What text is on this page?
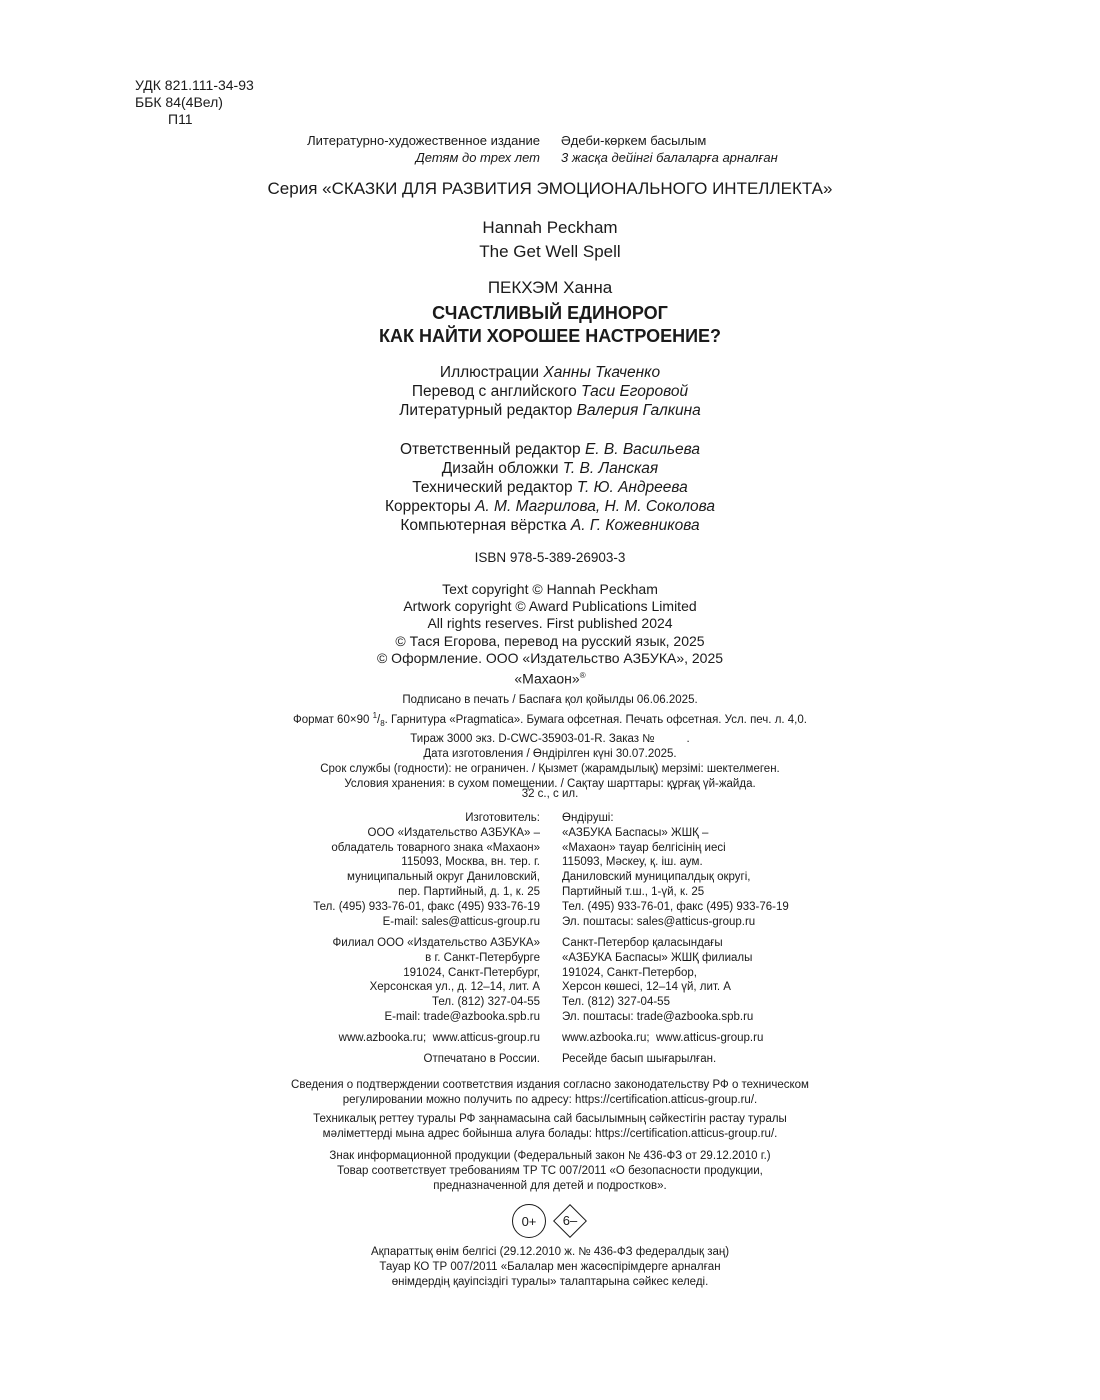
УДК 821.111-34-93
ББК 84(4Вел)
П11
Литературно-художественное издание
Детям до трех лет
Әдеби-көркем басылым
3 жасқа дейінгі балаларға арналған
Серия «СКАЗКИ ДЛЯ РАЗВИТИЯ ЭМОЦИОНАЛЬНОГО ИНТЕЛЛЕКТА»
Hannah Peckham
The Get Well Spell
ПЕКХЭМ Ханна
СЧАСТЛИВЫЙ ЕДИНОРОГ
КАК НАЙТИ ХОРОШЕЕ НАСТРОЕНИЕ?
Иллюстрации Ханны Ткаченко
Перевод с английского Таси Егоровой
Литературный редактор Валерия Галкина
Ответственный редактор Е. В. Васильева
Дизайн обложки Т. В. Ланская
Технический редактор Т. Ю. Андреева
Корректоры А. М. Магрилова, Н. М. Соколова
Компьютерная вёрстка А. Г. Кожевникова
ISBN 978-5-389-26903-3
Text copyright © Hannah Peckham
Artwork copyright © Award Publications Limited
All rights reserves. First published 2024
© Тася Егорова, перевод на русский язык, 2025
© Оформление. ООО «Издательство АЗБУКА», 2025
«Махаон»®
Подписано в печать / Баспаға қол қойылды 06.06.2025.
Формат 60×90 $^1/_8$. Гарнитура «Pragmatica». Бумага офсетная. Печать офсетная. Усл. печ. л. 4,0.
Тираж 3000 экз. D-CWC-35903-01-R. Заказ №          .
Дата изготовления / Өндірілген күні 30.07.2025.
Срок службы (годности): не ограничен. / Қызмет (жарамдылық) мерзімі: шектелмеген.
Условия хранения: в сухом помещении. / Сақтау шарттары: құрғақ үй-жайда.
32 с., с ил.
Изготовитель:
ООО «Издательство АЗБУКА» –
обладатель товарного знака «Махаон»
115093, Москва, вн. тер. г.
муниципальный округ Даниловский,
пер. Партийный, д. 1, к. 25
Тел. (495) 933-76-01, факс (495) 933-76-19
E-mail: sales@atticus-group.ru
Өндіруші:
«АЗБУКА Баспасы» ЖШҚ –
«Махаон» тауар белгісінің иесі
115093, Мәскеу, қ. іш. аум.
Даниловский муниципалдық округі,
Партийный т.ш., 1-үй, к. 25
Тел. (495) 933-76-01, факс (495) 933-76-19
Эл. поштасы: sales@atticus-group.ru
Филиал ООО «Издательство АЗБУКА»
в г. Санкт-Петербурге
191024, Санкт-Петербург,
Херсонская ул., д. 12–14, лит. А
Тел. (812) 327-04-55
E-mail: trade@azbooka.spb.ru
Санкт-Петербор қаласындағы
«АЗБУКА Баспасы» ЖШҚ филиалы
191024, Санкт-Петербор,
Херсон көшесі, 12–14 үй, лит. А
Тел. (812) 327-04-55
Эл. поштасы: trade@azbooka.spb.ru
www.azbooka.ru;  www.atticus-group.ru www.azbooka.ru;  www.atticus-group.ru
Отпечатано в России. Ресейде басып шығарылған.
Сведения о подтверждении соответствия издания согласно законодательству РФ о техническом
регулировании можно получить по адресу: https://certification.atticus-group.ru/.
Техникалық реттеу туралы РФ заңнамасына сай басылымның сәйкестігін растау туралы
мәліметтерді мына адрес бойынша алуға болады: https://certification.atticus-group.ru/.
Знак информационной продукции (Федеральный закон № 436-ФЗ от 29.12.2010 г.)
Товар соответствует требованиям ТР ТС 007/2011 «О безопасности продукции,
предназначенной для детей и подростков».
0+	6–
Ақпараттық өнім белгісі (29.12.2010 ж. № 436-ФЗ федералдық заң)
Тауар КО ТР 007/2011 «Балалар мен жасөспірімдерге арналған
өнімдердің қауіпсіздігі туралы» талаптарына сәйкес келеді.
